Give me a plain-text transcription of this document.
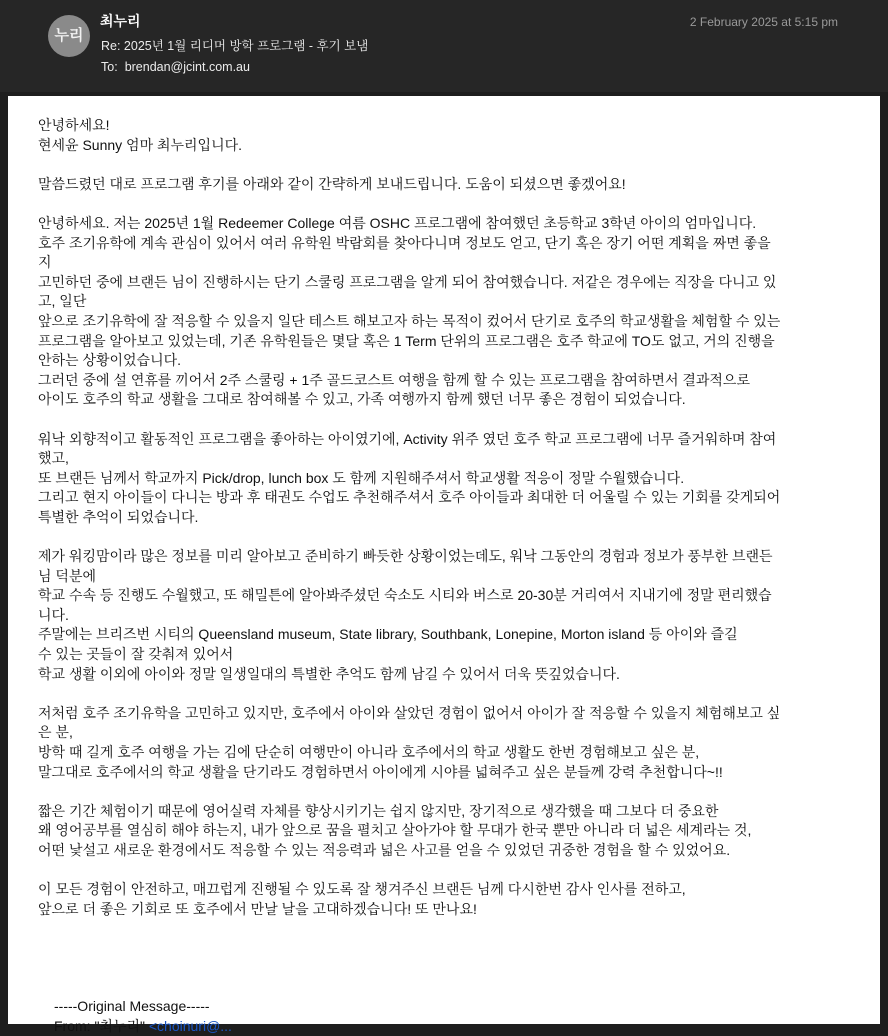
누리
최누리
Re: 2025년 1월 리디머 방학 프로그램 - 후기 보냄
To: brendan@jcint.com.au
2 February 2025 at 5:15 pm
안녕하세요!
현세윤 Sunny 엄마 최누리입니다.
말씀드렸던 대로 프로그램 후기를 아래와 같이 간략하게 보내드립니다. 도움이 되셨으면 좋겠어요!
안녕하세요. 저는 2025년 1월 Redeemer College 여름 OSHC 프로그램에 참여했던 초등학교 3학년 아이의 엄마입니다.
호주 조기유학에 계속 관심이 있어서 여러 유학원 박람회를 찾아다니며 정보도 얻고, 단기 혹은 장기 어떤 계획을 짜면 좋을
지
고민하던 중에 브랜든 님이 진행하시는 단기 스쿨링 프로그램을 알게 되어 참여했습니다. 저같은 경우에는 직장을 다니고 있
고, 일단
앞으로 조기유학에 잘 적응할 수 있을지 일단 테스트 해보고자 하는 목적이 컸어서 단기로 호주의 학교생활을 체험할 수 있는
프로그램을 알아보고 있었는데, 기존 유학원들은 몇달 혹은 1 Term 단위의 프로그램은 호주 학교에 TO도 없고, 거의 진행을
안하는 상황이었습니다.
그러던 중에 설 연휴를 끼어서 2주 스쿨링 + 1주 골드코스트 여행을 함께 할 수 있는 프로그램을 참여하면서 결과적으로
아이도 호주의 학교 생활을 그대로 참여해볼 수 있고, 가족 여행까지 함께 했던 너무 좋은 경험이 되었습니다.
워낙 외향적이고 활동적인 프로그램을 좋아하는 아이였기에, Activity 위주 였던 호주 학교 프로그램에 너무 즐거워하며 참여
했고,
또 브랜든 님께서 학교까지 Pick/drop, lunch box 도 함께 지원해주셔서 학교생활 적응이 정말 수월했습니다.
그리고 현지 아이들이 다니는 방과 후 태권도 수업도 추천해주셔서 호주 아이들과 최대한 더 어울릴 수 있는 기회를 갖게되어
특별한 추억이 되었습니다.
제가 워킹맘이라 많은 정보를 미리 알아보고 준비하기 빠듯한 상황이었는데도, 워낙 그동안의 경험과 정보가 풍부한 브랜든
님 덕분에
학교 수속 등 진행도 수월했고, 또 해밀튼에 알아봐주셨던 숙소도 시티와 버스로 20-30분 거리여서 지내기에 정말 편리했습
니다.
주말에는 브리즈번 시티의 Queensland museum, State library, Southbank, Lonepine, Morton island 등 아이와 즐길
수 있는 곳들이 잘 갖춰져 있어서
학교 생활 이외에 아이와 정말 일생일대의 특별한 추억도 함께 남길 수 있어서 더욱 뜻깊었습니다.
저처럼 호주 조기유학을 고민하고 있지만, 호주에서 아이와 살았던 경험이 없어서 아이가 잘 적응할 수 있을지 체험해보고 싶
은 분,
방학 때 길게 호주 여행을 가는 김에 단순히 여행만이 아니라 호주에서의 학교 생활도 한번 경험해보고 싶은 분,
말그대로 호주에서의 학교 생활을 단기라도 경험하면서 아이에게 시야를 넓혀주고 싶은 분들께 강력 추천합니다~!!
짧은 기간 체험이기 때문에 영어실력 자체를 향상시키기는 쉽지 않지만, 장기적으로 생각했을 때 그보다 더 중요한
왜 영어공부를 열심히 해야 하는지, 내가 앞으로 꿈을 펼치고 살아가야 할 무대가 한국 뿐만 아니라 더 넓은 세계라는 것,
어떤 낯설고 새로운 환경에서도 적응할 수 있는 적응력과 넓은 사고를 얻을 수 있었던 귀중한 경험을 할 수 있었어요.
이 모든 경험이 안전하고, 매끄럽게 진행될 수 있도록 잘 챙겨주신 브랜든 님께 다시한번 감사 인사를 전하고,
앞으로 더 좋은 기회로 또 호주에서 만날 날을 고대하겠습니다! 또 만나요!
-----Original Message-----
From: "최누리" <choinuri@...
